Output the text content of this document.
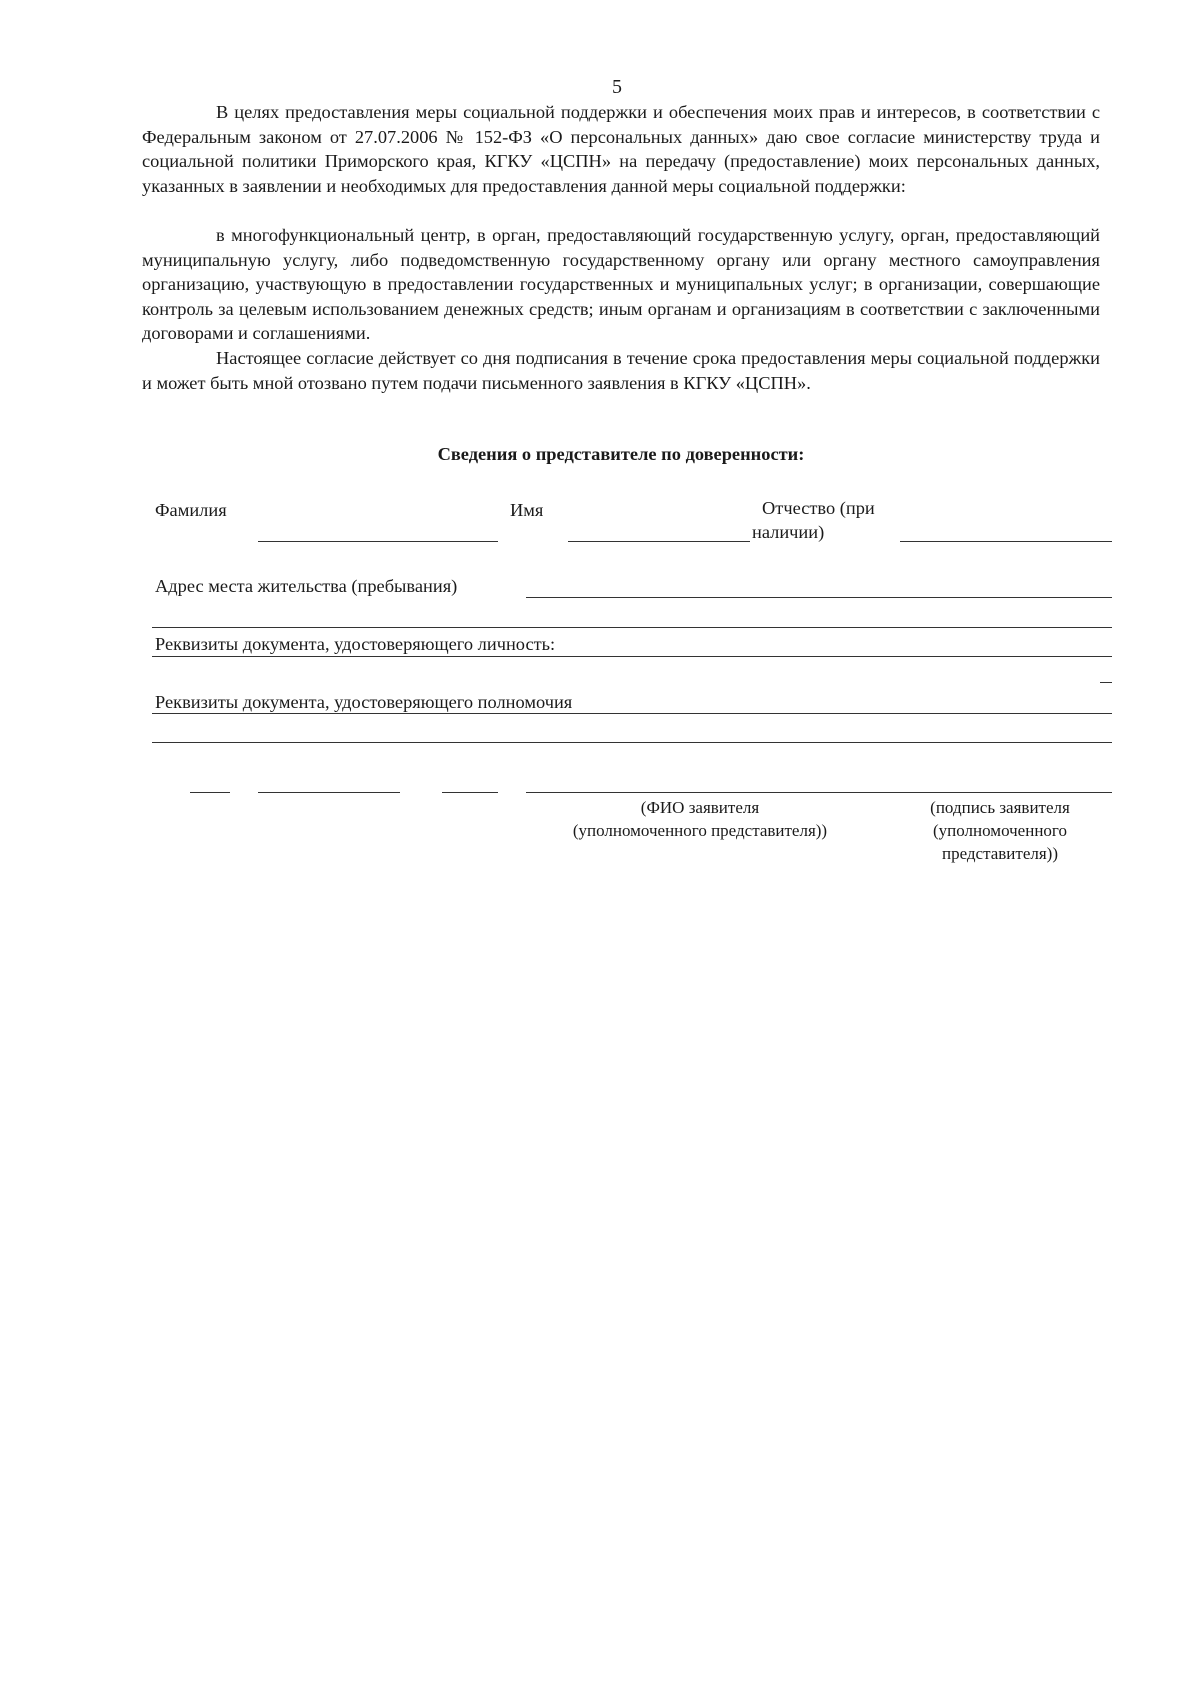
5

В целях предоставления меры социальной поддержки и обеспечения моих прав и интересов, в соответствии с Федеральным законом от 27.07.2006 № 152-ФЗ «О персональных данных» даю свое согласие министерству труда и социальной политики Приморского края, КГКУ «ЦСПН» на передачу (предоставление) моих персональных данных, указанных в заявлении и необходимых для предоставления данной меры социальной поддержки:

в многофункциональный центр, в орган, предоставляющий государственную услугу, орган, предоставляющий муниципальную услугу, либо подведомственную государственному органу или органу местного самоуправления организацию, участвующую в предоставлении государственных и муниципальных услуг; в организации, совершающие контроль за целевым использованием денежных средств; иным органам и организациям в соответствии с заключенными договорами и соглашениями.

Настоящее согласие действует со дня подписания в течение срока предоставления меры социальной поддержки и может быть мной отозвано путем подачи письменного заявления в КГКУ «ЦСПН».

Сведения о представителе по доверенности:
Фамилия	Имя	Отчество (при
наличии)
Адрес места жительства (пребывания)
Реквизиты документа, удостоверяющего личность:
Реквизиты документа, удостоверяющего полномочия
(ФИО заявителя
(уполномоченного представителя))
(подпись заявителя
(уполномоченного
представителя))
